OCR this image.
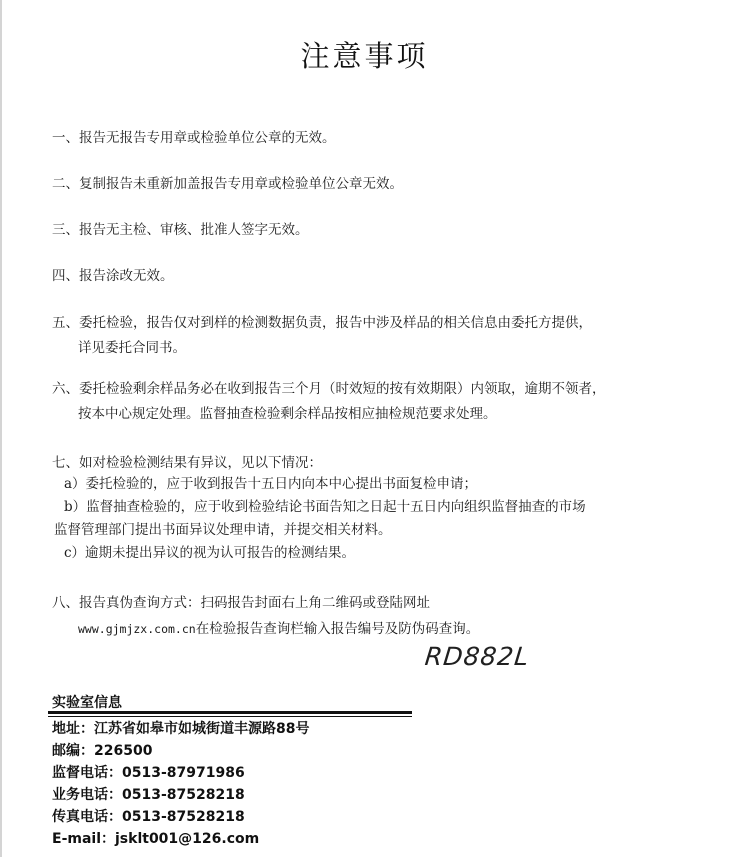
注意事项
一、报告无报告专用章或检验单位公章的无效。
二、复制报告未重新加盖报告专用章或检验单位公章无效。
三、报告无主检、审核、批准人签字无效。
四、报告涂改无效。
五、委托检验，报告仅对到样的检测数据负责，报告中涉及样品的相关信息由委托方提供，
详见委托合同书。
六、委托检验剩余样品务必在收到报告三个月（时效短的按有效期限）内领取，逾期不领者，
按本中心规定处理。监督抽查检验剩余样品按相应抽检规范要求处理。
七、如对检验检测结果有异议，见以下情况：
a）委托检验的，应于收到报告十五日内向本中心提出书面复检申请；
b）监督抽查检验的，应于收到检验结论书面告知之日起十五日内向组织监督抽查的市场
监督管理部门提出书面异议处理申请，并提交相关材料。
c）逾期未提出异议的视为认可报告的检测结果。
八、报告真伪查询方式：扫码报告封面右上角二维码或登陆网址
www.gjmjzx.com.cn在检验报告查询栏输入报告编号及防伪码查询。
RD882L
实验室信息
地址：江苏省如皋市如城街道丰源路88号
邮编：226500
监督电话：0513-87971986
业务电话：0513-87528218
传真电话：0513-87528218
E-mail：jsklt001@126.com
